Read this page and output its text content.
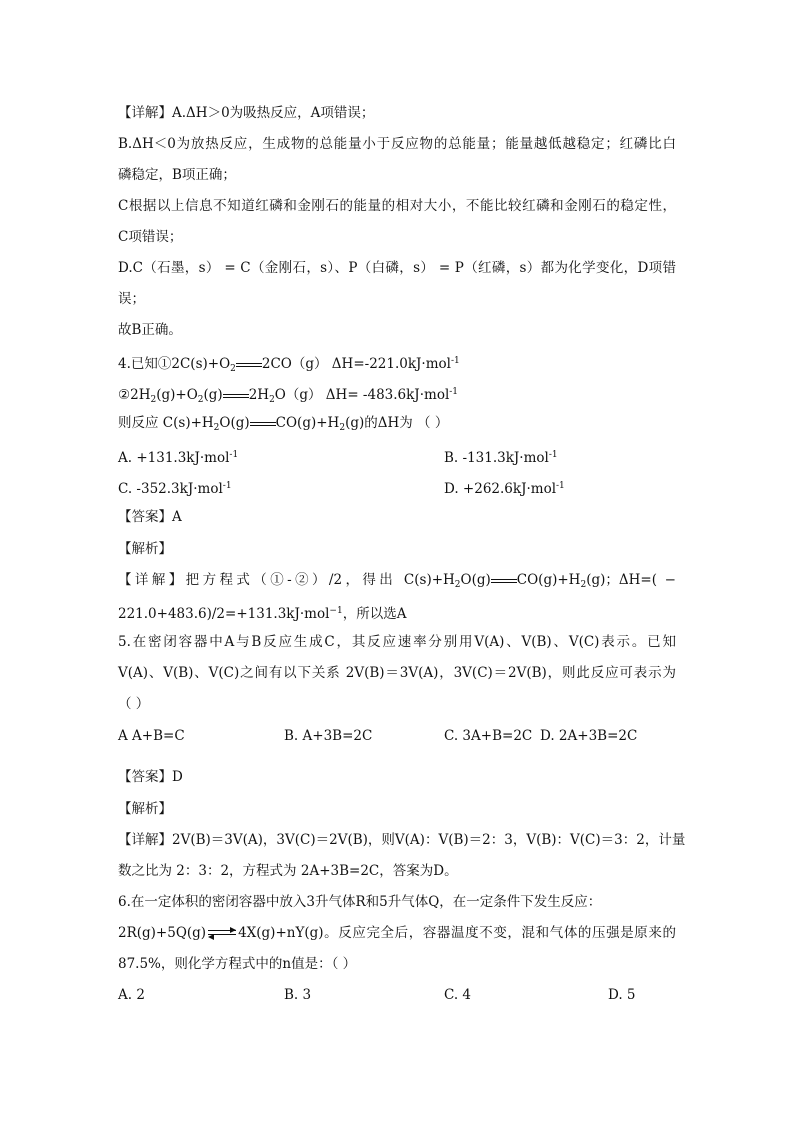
【详解】A.ΔH＞0为吸热反应，A项错误；
B.ΔH＜0为放热反应，生成物的总能量小于反应物的总能量；能量越低越稳定；红磷比白
磷稳定，B项正确；
C根据以上信息不知道红磷和金刚石的能量的相对大小，不能比较红磷和金刚石的稳定性，
C项错误；
D.C（石墨，s） = C（金刚石，s）、P（白磷，s） = P（红磷，s）都为化学变化，D项错
误；
故B正确。
4.已知$①2C(s)+O_2$ 2CO（g） ΔH=-221.0kJ·mol$^{-1}$
$②2H_2(g)+O_2(g)$ $2H_2O(g)$ ΔH= -483.6kJ·mol$^{-1}$
则反应 $C(s)+H_2O(g)$ $CO(g)+H_2(g)$的ΔH为 （ ）
A. +131.3kJ·mol$^{-1}$	B. -131.3kJ·mol$^{-1}$
C. -352.3kJ·mol$^{-1}$	D. +262.6kJ·mol$^{-1}$
【答案】A
【解析】
【详解】把方程式（①-②）/2，得出 $C(s)+H_2O(g)$ $CO(g)+H_2(g)$；ΔH=( −
221.0+483.6)/2=+131.3kJ·mol$^{-1}$，所以选A
5.在密闭容器中A与B反应生成C，其反应速率分别用V(A)、V(B)、V(C)表示。已知
V(A)、V(B)、V(C)之间有以下关系 2V(B)＝3V(A)，3V(C)＝2V(B)，则此反应可表示为
（ ）
A A+B=C	B. A+3B=2C	C. 3A+B=2C D. 2A+3B=2C
【答案】D
【解析】
【详解】2V(B)＝3V(A)，3V(C)＝2V(B)，则V(A)：V(B)＝2：3，V(B)：V(C)＝3：2，计量
数之比为 2：3：2，方程式为 2A+3B=2C，答案为D。
6.在一定体积的密闭容器中放入3升气体R和5升气体Q，在一定条件下发生反应：
2R(g)+5Q(g) 4X(g)+nY(g)。反应完全后，容器温度不变，混和气体的压强是原来的
87.5%，则化学方程式中的n值是：（ ）
A. 2	B. 3	C. 4	D. 5
